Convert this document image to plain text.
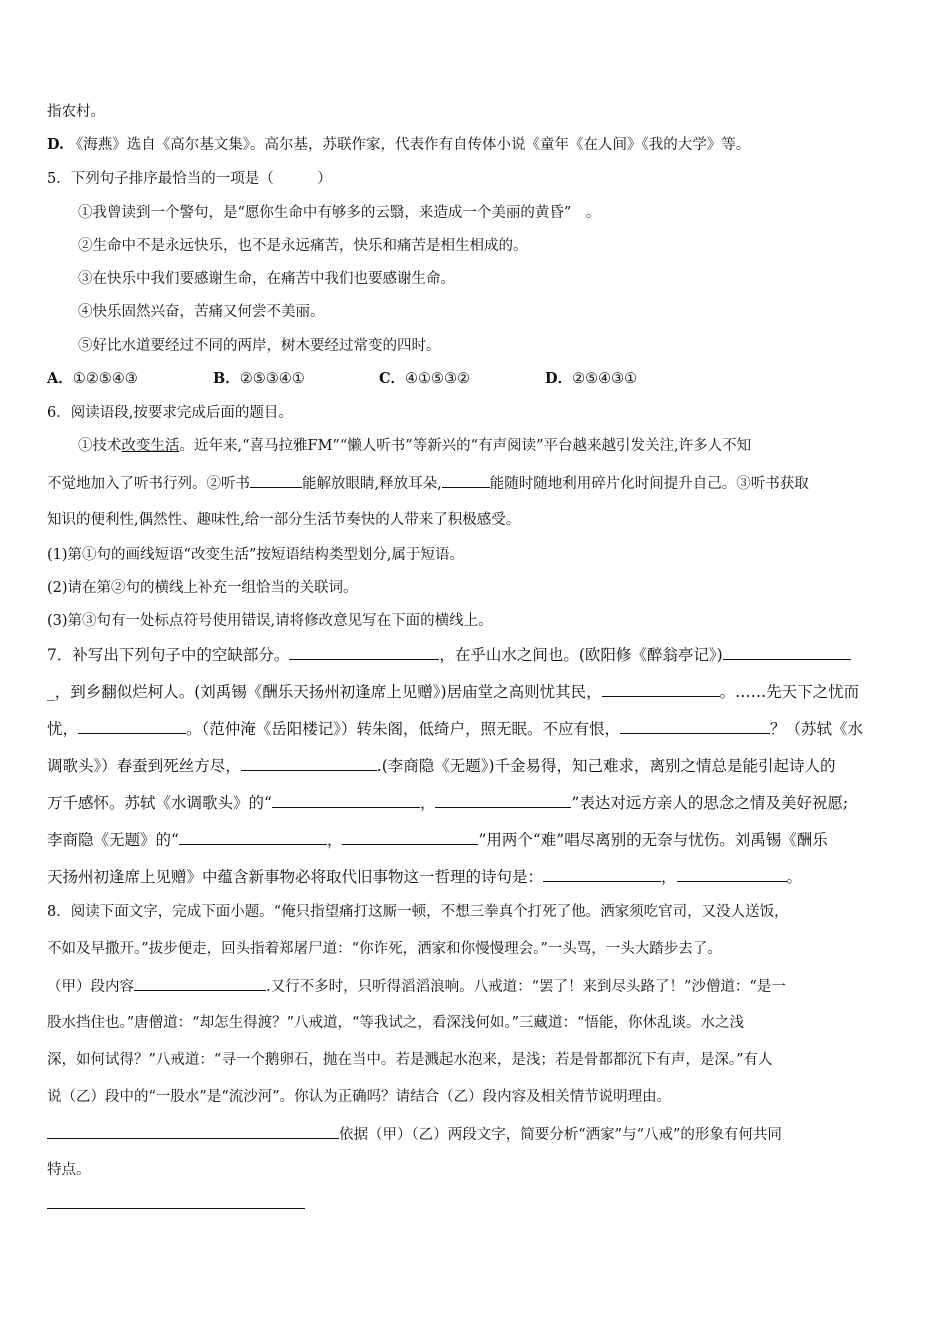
指农村。
D. 《海燕》选自《高尔基文集》。高尔基，苏联作家，代表作有自传体小说《童年《在人间》《我的大学》等。
5．下列句子排序最恰当的一项是（　　　）
①我曾读到一个警句，是“愿你生命中有够多的云翳，来造成一个美丽的黄昏”　。
②生命中不是永远快乐，也不是永远痛苦，快乐和痛苦是相生相成的。
③在快乐中我们要感谢生命，在痛苦中我们也要感谢生命。
④快乐固然兴奋，苦痛又何尝不美丽。
⑤好比水道要经过不同的两岸，树木要经过常变的四时。
A．①②⑤④③	B．②⑤③④①	C．④①⑤③②	D．②⑤④③①
6．阅读语段,按要求完成后面的题目。
①技术改变生活。近年来,“喜马拉雅FM”“懒人听书”等新兴的“有声阅读”平台越来越引发关注,许多人不知
不觉地加入了听书行列。②听书	能解放眼睛,释放耳朵,	能随时随地利用碎片化时间提升自己。③听书获取
知识的便利性,偶然性、趣味性,给一部分生活节奏快的人带来了积极感受。
(1)第①句的画线短语“改变生活”按短语结构类型划分,属于短语。
(2)请在第②句的横线上补充一组恰当的关联词。
(3)第③句有一处标点符号使用错误,请将修改意见写在下面的横线上。
7．补写出下列句子中的空缺部分。	，在乎山水之间也。(欧阳修《醉翁亭记》)
_，到乡翻似烂柯人。(刘禹锡《酬乐天扬州初逢席上见赠》)居庙堂之高则忧其民，	。……先天下之忧而
忧，	。（范仲淹《岳阳楼记》）转朱阁，低绮户，照无眠。不应有恨，	？（苏轼《水
调歌头》）春蚕到死丝方尽，	.(李商隐《无题》)千金易得，知己难求，离别之情总是能引起诗人的
万千感怀。苏轼《水调歌头》的“	，	”表达对远方亲人的思念之情及美好祝愿;
李商隐《无题》的“	，	”用两个“难”唱尽离别的无奈与忧伤。刘禹锡《酬乐
天扬州初逢席上见赠》中蕴含新事物必将取代旧事物这一哲理的诗句是：	，	。
8．阅读下面文字，完成下面小题。“俺只指望痛打这厮一顿，不想三拳真个打死了他。洒家须吃官司，又没人送饭，
不如及早撒开。”拔步便走，回头指着郑屠尸道：“你诈死，洒家和你慢慢理会。”一头骂，一头大踏步去了。
（甲）段内容	.又行不多时，只听得滔滔浪响。八戒道：“罢了！来到尽头路了！”沙僧道：“是一
股水挡住也。”唐僧道：“却怎生得渡？”八戒道，“等我试之，看深浅何如。”三藏道：“悟能，你休乱谈。水之浅
深，如何试得？”八戒道：“寻一个鹅卵石，抛在当中。若是溅起水泡来，是浅；若是骨都都沉下有声，是深。”有人
说（乙）段中的“一股水”是“流沙河”。你认为正确吗？请结合（乙）段内容及相关情节说明理由。
依据（甲）（乙）两段文字，简要分析“洒家”与“八戒”的形象有何共同
特点。
